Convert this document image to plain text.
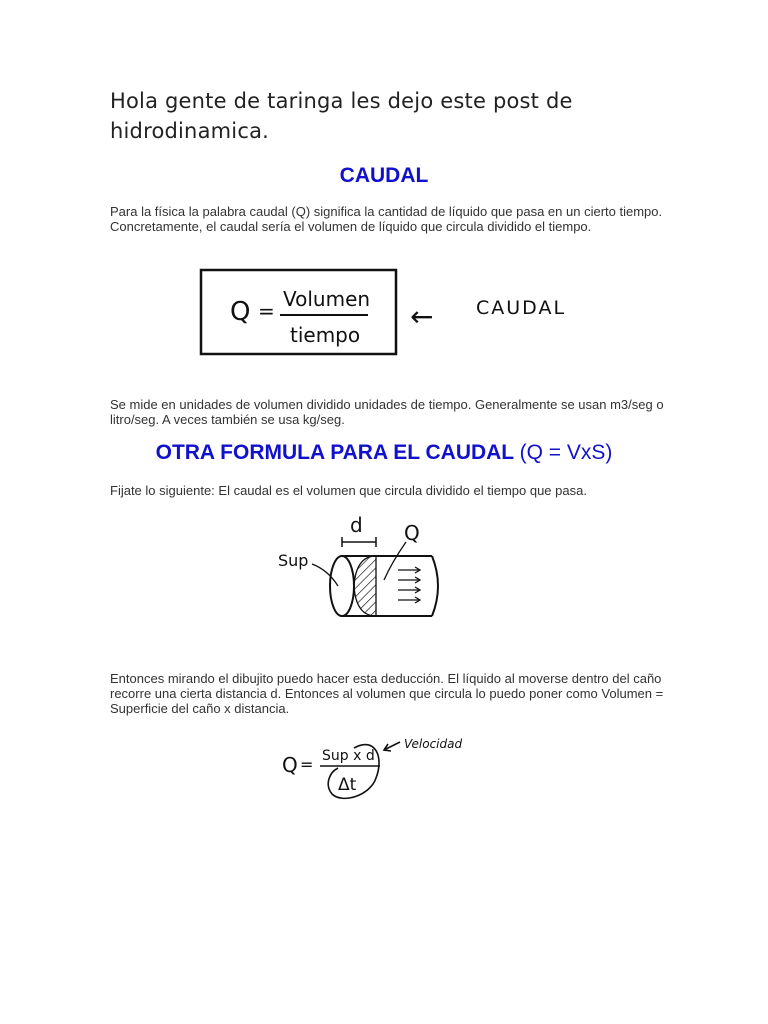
Hola gente de taringa les dejo este post de hidrodinamica.

CAUDAL

Para la física la palabra caudal (Q) significa la cantidad de líquido que pasa en un cierto tiempo. Concretamente, el caudal sería el volumen de líquido que circula dividido el tiempo.

Q = Volumen
tiempo
← CAUDAL

Se mide en unidades de volumen dividido unidades de tiempo. Generalmente se usan m3/seg o litro/seg. A veces también se usa kg/seg.

OTRA FORMULA PARA EL CAUDAL (Q = VxS)

Fijate lo siguiente: El caudal es el volumen que circula dividido el tiempo que pasa.

d Q
Sup

Entonces mirando el dibujito puedo hacer esta deducción. El líquido al moverse dentro del caño recorre una cierta distancia d. Entonces al volumen que circula lo puedo poner como Volumen = Superficie del caño x distancia.

Q = Sup x d
Δt
Velocidad
